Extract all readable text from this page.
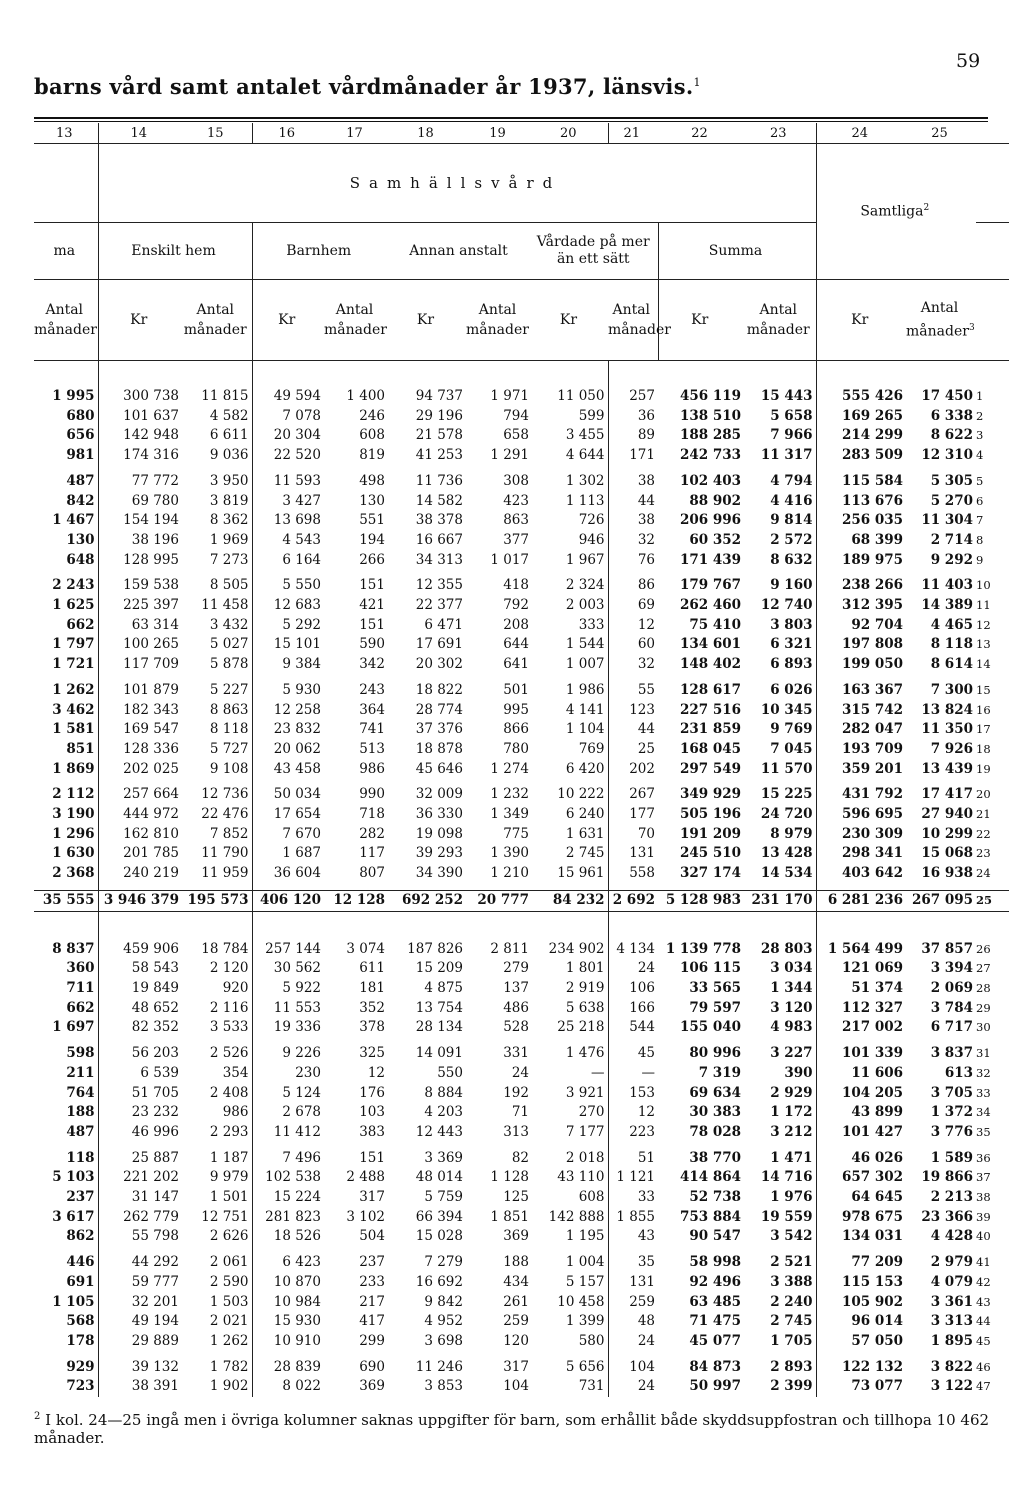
59
barns vård samt antalet vårdmånader år 1937, länsvis.$^1$
13	14	15	16	17	18	19	20	21	22	23	24	25	
	Samhällsvård										Samtliga$^2$	
ma	Enskilt hem		Barnhem		Annan anstalt		Vårdade på mer än ett sätt		Summa				
Antal månader	Kr	Antal månader	Kr	Antal månader	Kr	Antal månader	Kr	Antal månader	Kr	Antal månader	Kr	Antal månader$^3$	

1 995	300 738	11 815	49 594	1 400	94 737	1 971	11 050	257	456 119	15 443	555 426	17 450	1
680	101 637	4 582	7 078	246	29 196	794	599	36	138 510	5 658	169 265	6 338	2
656	142 948	6 611	20 304	608	21 578	658	3 455	89	188 285	7 966	214 299	8 622	3
981	174 316	9 036	22 520	819	41 253	1 291	4 644	171	242 733	11 317	283 509	12 310	4

487	77 772	3 950	11 593	498	11 736	308	1 302	38	102 403	4 794	115 584	5 305	5
842	69 780	3 819	3 427	130	14 582	423	1 113	44	88 902	4 416	113 676	5 270	6
1 467	154 194	8 362	13 698	551	38 378	863	726	38	206 996	9 814	256 035	11 304	7
130	38 196	1 969	4 543	194	16 667	377	946	32	60 352	2 572	68 399	2 714	8
648	128 995	7 273	6 164	266	34 313	1 017	1 967	76	171 439	8 632	189 975	9 292	9

2 243	159 538	8 505	5 550	151	12 355	418	2 324	86	179 767	9 160	238 266	11 403	10
1 625	225 397	11 458	12 683	421	22 377	792	2 003	69	262 460	12 740	312 395	14 389	11
662	63 314	3 432	5 292	151	6 471	208	333	12	75 410	3 803	92 704	4 465	12
1 797	100 265	5 027	15 101	590	17 691	644	1 544	60	134 601	6 321	197 808	8 118	13
1 721	117 709	5 878	9 384	342	20 302	641	1 007	32	148 402	6 893	199 050	8 614	14

1 262	101 879	5 227	5 930	243	18 822	501	1 986	55	128 617	6 026	163 367	7 300	15
3 462	182 343	8 863	12 258	364	28 774	995	4 141	123	227 516	10 345	315 742	13 824	16
1 581	169 547	8 118	23 832	741	37 376	866	1 104	44	231 859	9 769	282 047	11 350	17
851	128 336	5 727	20 062	513	18 878	780	769	25	168 045	7 045	193 709	7 926	18
1 869	202 025	9 108	43 458	986	45 646	1 274	6 420	202	297 549	11 570	359 201	13 439	19

2 112	257 664	12 736	50 034	990	32 009	1 232	10 222	267	349 929	15 225	431 792	17 417	20
3 190	444 972	22 476	17 654	718	36 330	1 349	6 240	177	505 196	24 720	596 695	27 940	21
1 296	162 810	7 852	7 670	282	19 098	775	1 631	70	191 209	8 979	230 309	10 299	22
1 630	201 785	11 790	1 687	117	39 293	1 390	2 745	131	245 510	13 428	298 341	15 068	23
2 368	240 219	11 959	36 604	807	34 390	1 210	15 961	558	327 174	14 534	403 642	16 938	24

35 555	3 946 379	195 573	406 120	12 128	692 252	20 777	84 232	2 692	5 128 983	231 170	6 281 236	267 095	25

8 837	459 906	18 784	257 144	3 074	187 826	2 811	234 902	4 134	1 139 778	28 803	1 564 499	37 857	26
360	58 543	2 120	30 562	611	15 209	279	1 801	24	106 115	3 034	121 069	3 394	27
711	19 849	920	5 922	181	4 875	137	2 919	106	33 565	1 344	51 374	2 069	28
662	48 652	2 116	11 553	352	13 754	486	5 638	166	79 597	3 120	112 327	3 784	29
1 697	82 352	3 533	19 336	378	28 134	528	25 218	544	155 040	4 983	217 002	6 717	30

598	56 203	2 526	9 226	325	14 091	331	1 476	45	80 996	3 227	101 339	3 837	31
211	6 539	354	230	12	550	24	—	—	7 319	390	11 606	613	32
764	51 705	2 408	5 124	176	8 884	192	3 921	153	69 634	2 929	104 205	3 705	33
188	23 232	986	2 678	103	4 203	71	270	12	30 383	1 172	43 899	1 372	34
487	46 996	2 293	11 412	383	12 443	313	7 177	223	78 028	3 212	101 427	3 776	35

118	25 887	1 187	7 496	151	3 369	82	2 018	51	38 770	1 471	46 026	1 589	36
5 103	221 202	9 979	102 538	2 488	48 014	1 128	43 110	1 121	414 864	14 716	657 302	19 866	37
237	31 147	1 501	15 224	317	5 759	125	608	33	52 738	1 976	64 645	2 213	38
3 617	262 779	12 751	281 823	3 102	66 394	1 851	142 888	1 855	753 884	19 559	978 675	23 366	39
862	55 798	2 626	18 526	504	15 028	369	1 195	43	90 547	3 542	134 031	4 428	40

446	44 292	2 061	6 423	237	7 279	188	1 004	35	58 998	2 521	77 209	2 979	41
691	59 777	2 590	10 870	233	16 692	434	5 157	131	92 496	3 388	115 153	4 079	42
1 105	32 201	1 503	10 984	217	9 842	261	10 458	259	63 485	2 240	105 902	3 361	43
568	49 194	2 021	15 930	417	4 952	259	1 399	48	71 475	2 745	96 014	3 313	44
178	29 889	1 262	10 910	299	3 698	120	580	24	45 077	1 705	57 050	1 895	45

929	39 132	1 782	28 839	690	11 246	317	5 656	104	84 873	2 893	122 132	3 822	46
723	38 391	1 902	8 022	369	3 853	104	731	24	50 997	2 399	73 077	3 122	47
$^2$ I kol. 24—25 ingå men i övriga kolumner saknas uppgifter för barn, som erhållit både skyddsuppfostran och tillhopa 10 462 månader.
